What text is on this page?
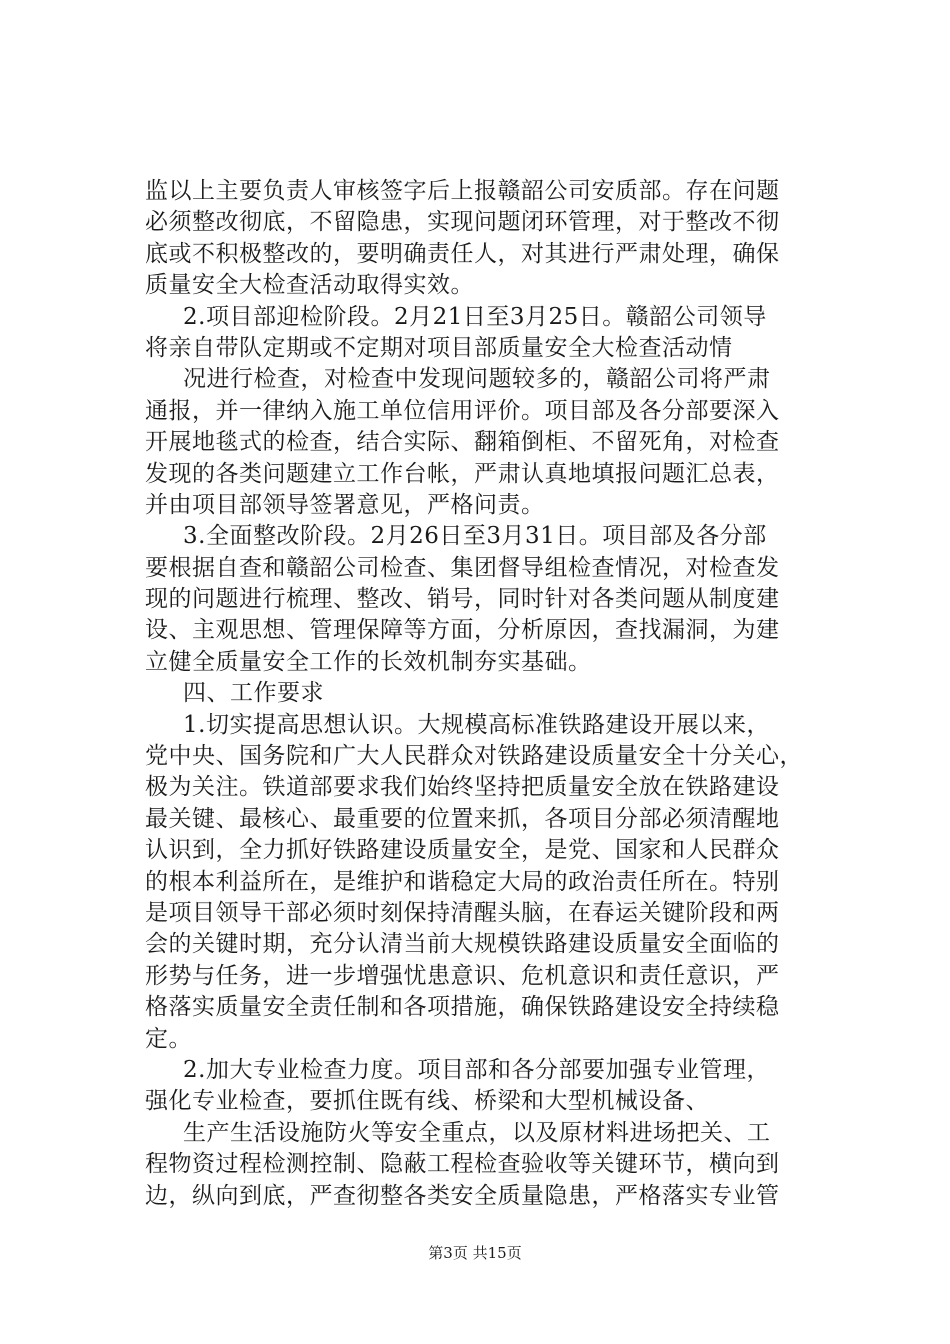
监以上主要负责人审核签字后上报赣韶公司安质部。存在问题
必须整改彻底，不留隐患，实现问题闭环管理，对于整改不彻
底或不积极整改的，要明确责任人，对其进行严肃处理，确保
质量安全大检查活动取得实效。
2.项目部迎检阶段。2月21日至3月25日。赣韶公司领导
将亲自带队定期或不定期对项目部质量安全大检查活动情
况进行检查，对检查中发现问题较多的，赣韶公司将严肃
通报，并一律纳入施工单位信用评价。项目部及各分部要深入
开展地毯式的检查，结合实际、翻箱倒柜、不留死角，对检查
发现的各类问题建立工作台帐，严肃认真地填报问题汇总表，
并由项目部领导签署意见，严格问责。
3.全面整改阶段。2月26日至3月31日。项目部及各分部
要根据自查和赣韶公司检查、集团督导组检查情况，对检查发
现的问题进行梳理、整改、销号，同时针对各类问题从制度建
设、主观思想、管理保障等方面，分析原因，查找漏洞，为建
立健全质量安全工作的长效机制夯实基础。
四、工作要求
1.切实提高思想认识。大规模高标准铁路建设开展以来，
党中央、国务院和广大人民群众对铁路建设质量安全十分关心，
极为关注。铁道部要求我们始终坚持把质量安全放在铁路建设
最关键、最核心、最重要的位置来抓，各项目分部必须清醒地
认识到，全力抓好铁路建设质量安全，是党、国家和人民群众
的根本利益所在，是维护和谐稳定大局的政治责任所在。特别
是项目领导干部必须时刻保持清醒头脑，在春运关键阶段和两
会的关键时期，充分认清当前大规模铁路建设质量安全面临的
形势与任务，进一步增强忧患意识、危机意识和责任意识，严
格落实质量安全责任制和各项措施，确保铁路建设安全持续稳
定。
2.加大专业检查力度。项目部和各分部要加强专业管理，
强化专业检查，要抓住既有线、桥梁和大型机械设备、
生产生活设施防火等安全重点，以及原材料进场把关、工
程物资过程检测控制、隐蔽工程检查验收等关键环节，横向到
边，纵向到底，严查彻整各类安全质量隐患，严格落实专业管
第3页 共15页
